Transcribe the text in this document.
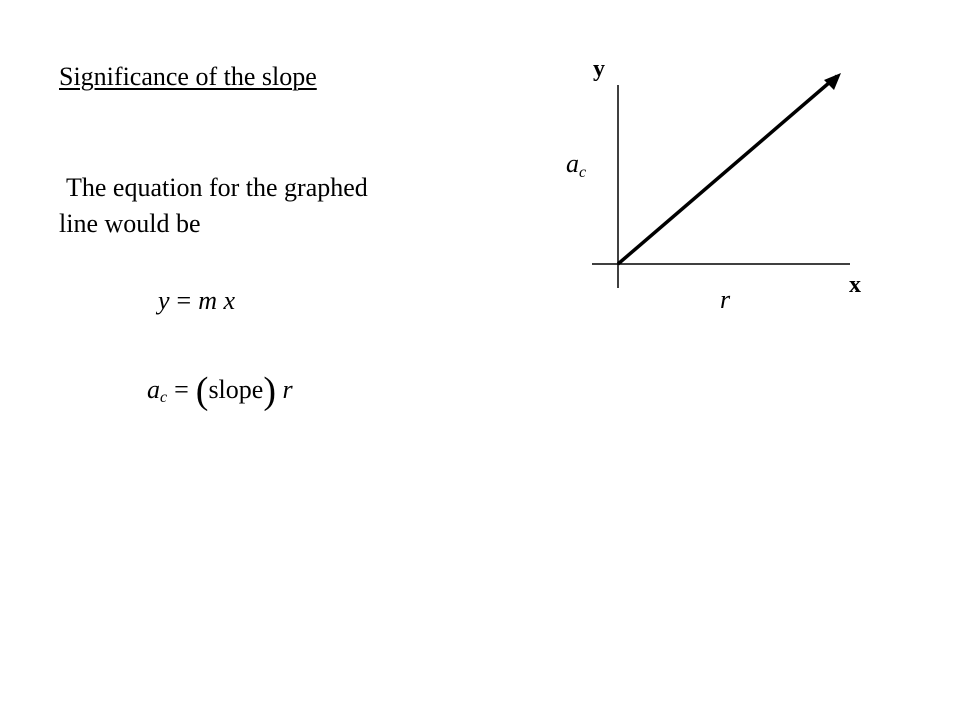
Significance of the slope
The equation for the graphed
line would be
y = m x
$a_c$ = (slope) r
y
x
ac
r
